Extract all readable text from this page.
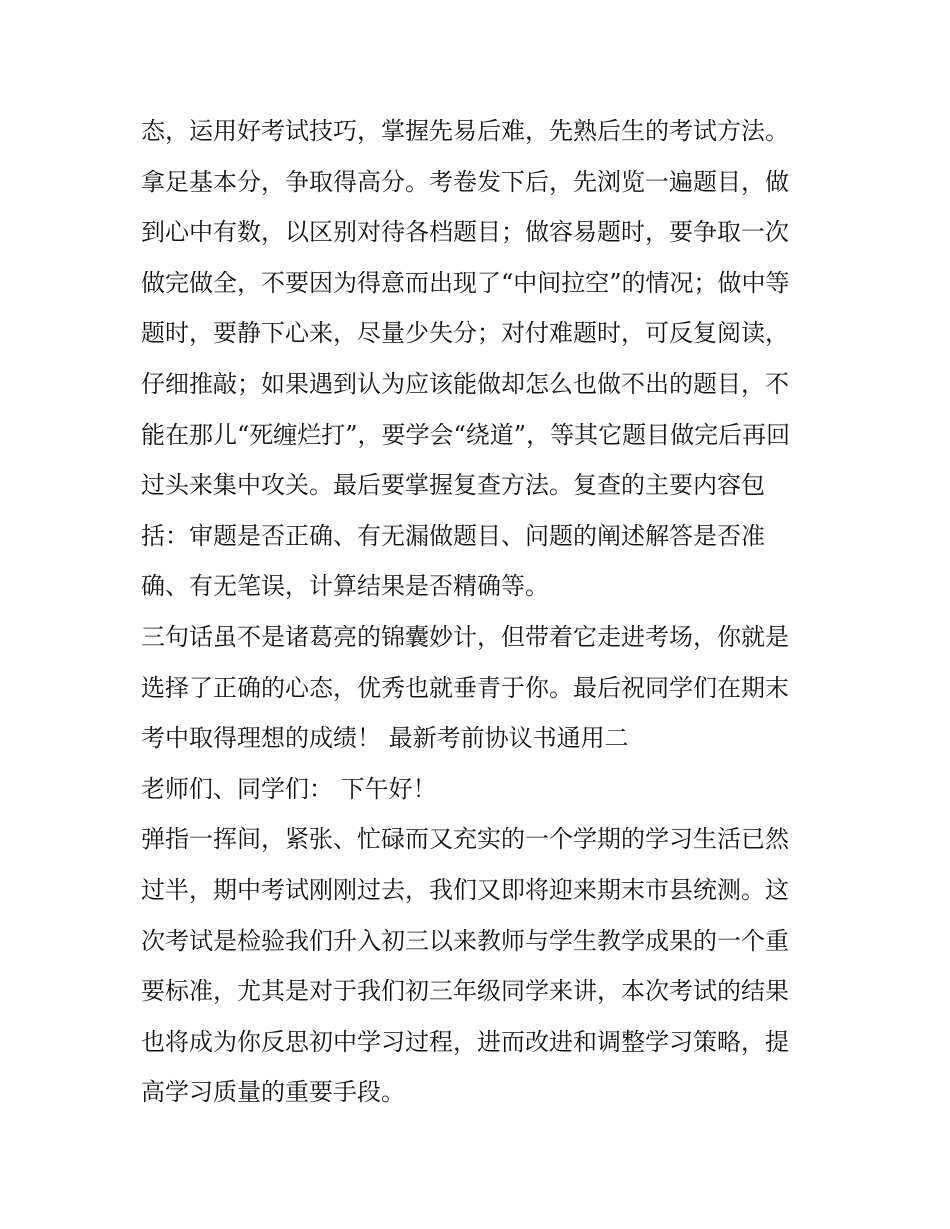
态，运用好考试技巧，掌握先易后难，先熟后生的考试方法。
拿足基本分，争取得高分。考卷发下后，先浏览一遍题目，做
到心中有数，以区别对待各档题目；做容易题时，要争取一次
做完做全，不要因为得意而出现了“中间拉空”的情况；做中等
题时，要静下心来，尽量少失分；对付难题时，可反复阅读，
仔细推敲；如果遇到认为应该能做却怎么也做不出的题目，不
能在那儿“死缠烂打”，要学会“绕道”，等其它题目做完后再回
过头来集中攻关。最后要掌握复查方法。复查的主要内容包
括：审题是否正确、有无漏做题目、问题的阐述解答是否准
确、有无笔误，计算结果是否精确等。
三句话虽不是诸葛亮的锦囊妙计，但带着它走进考场，你就是
选择了正确的心态，优秀也就垂青于你。最后祝同学们在期末
考中取得理想的成绩！ 最新考前协议书通用二
老师们、同学们： 下午好！
弹指一挥间，紧张、忙碌而又充实的一个学期的学习生活已然
过半，期中考试刚刚过去，我们又即将迎来期末市县统测。这
次考试是检验我们升入初三以来教师与学生教学成果的一个重
要标准，尤其是对于我们初三年级同学来讲，本次考试的结果
也将成为你反思初中学习过程，进而改进和调整学习策略，提
高学习质量的重要手段。
